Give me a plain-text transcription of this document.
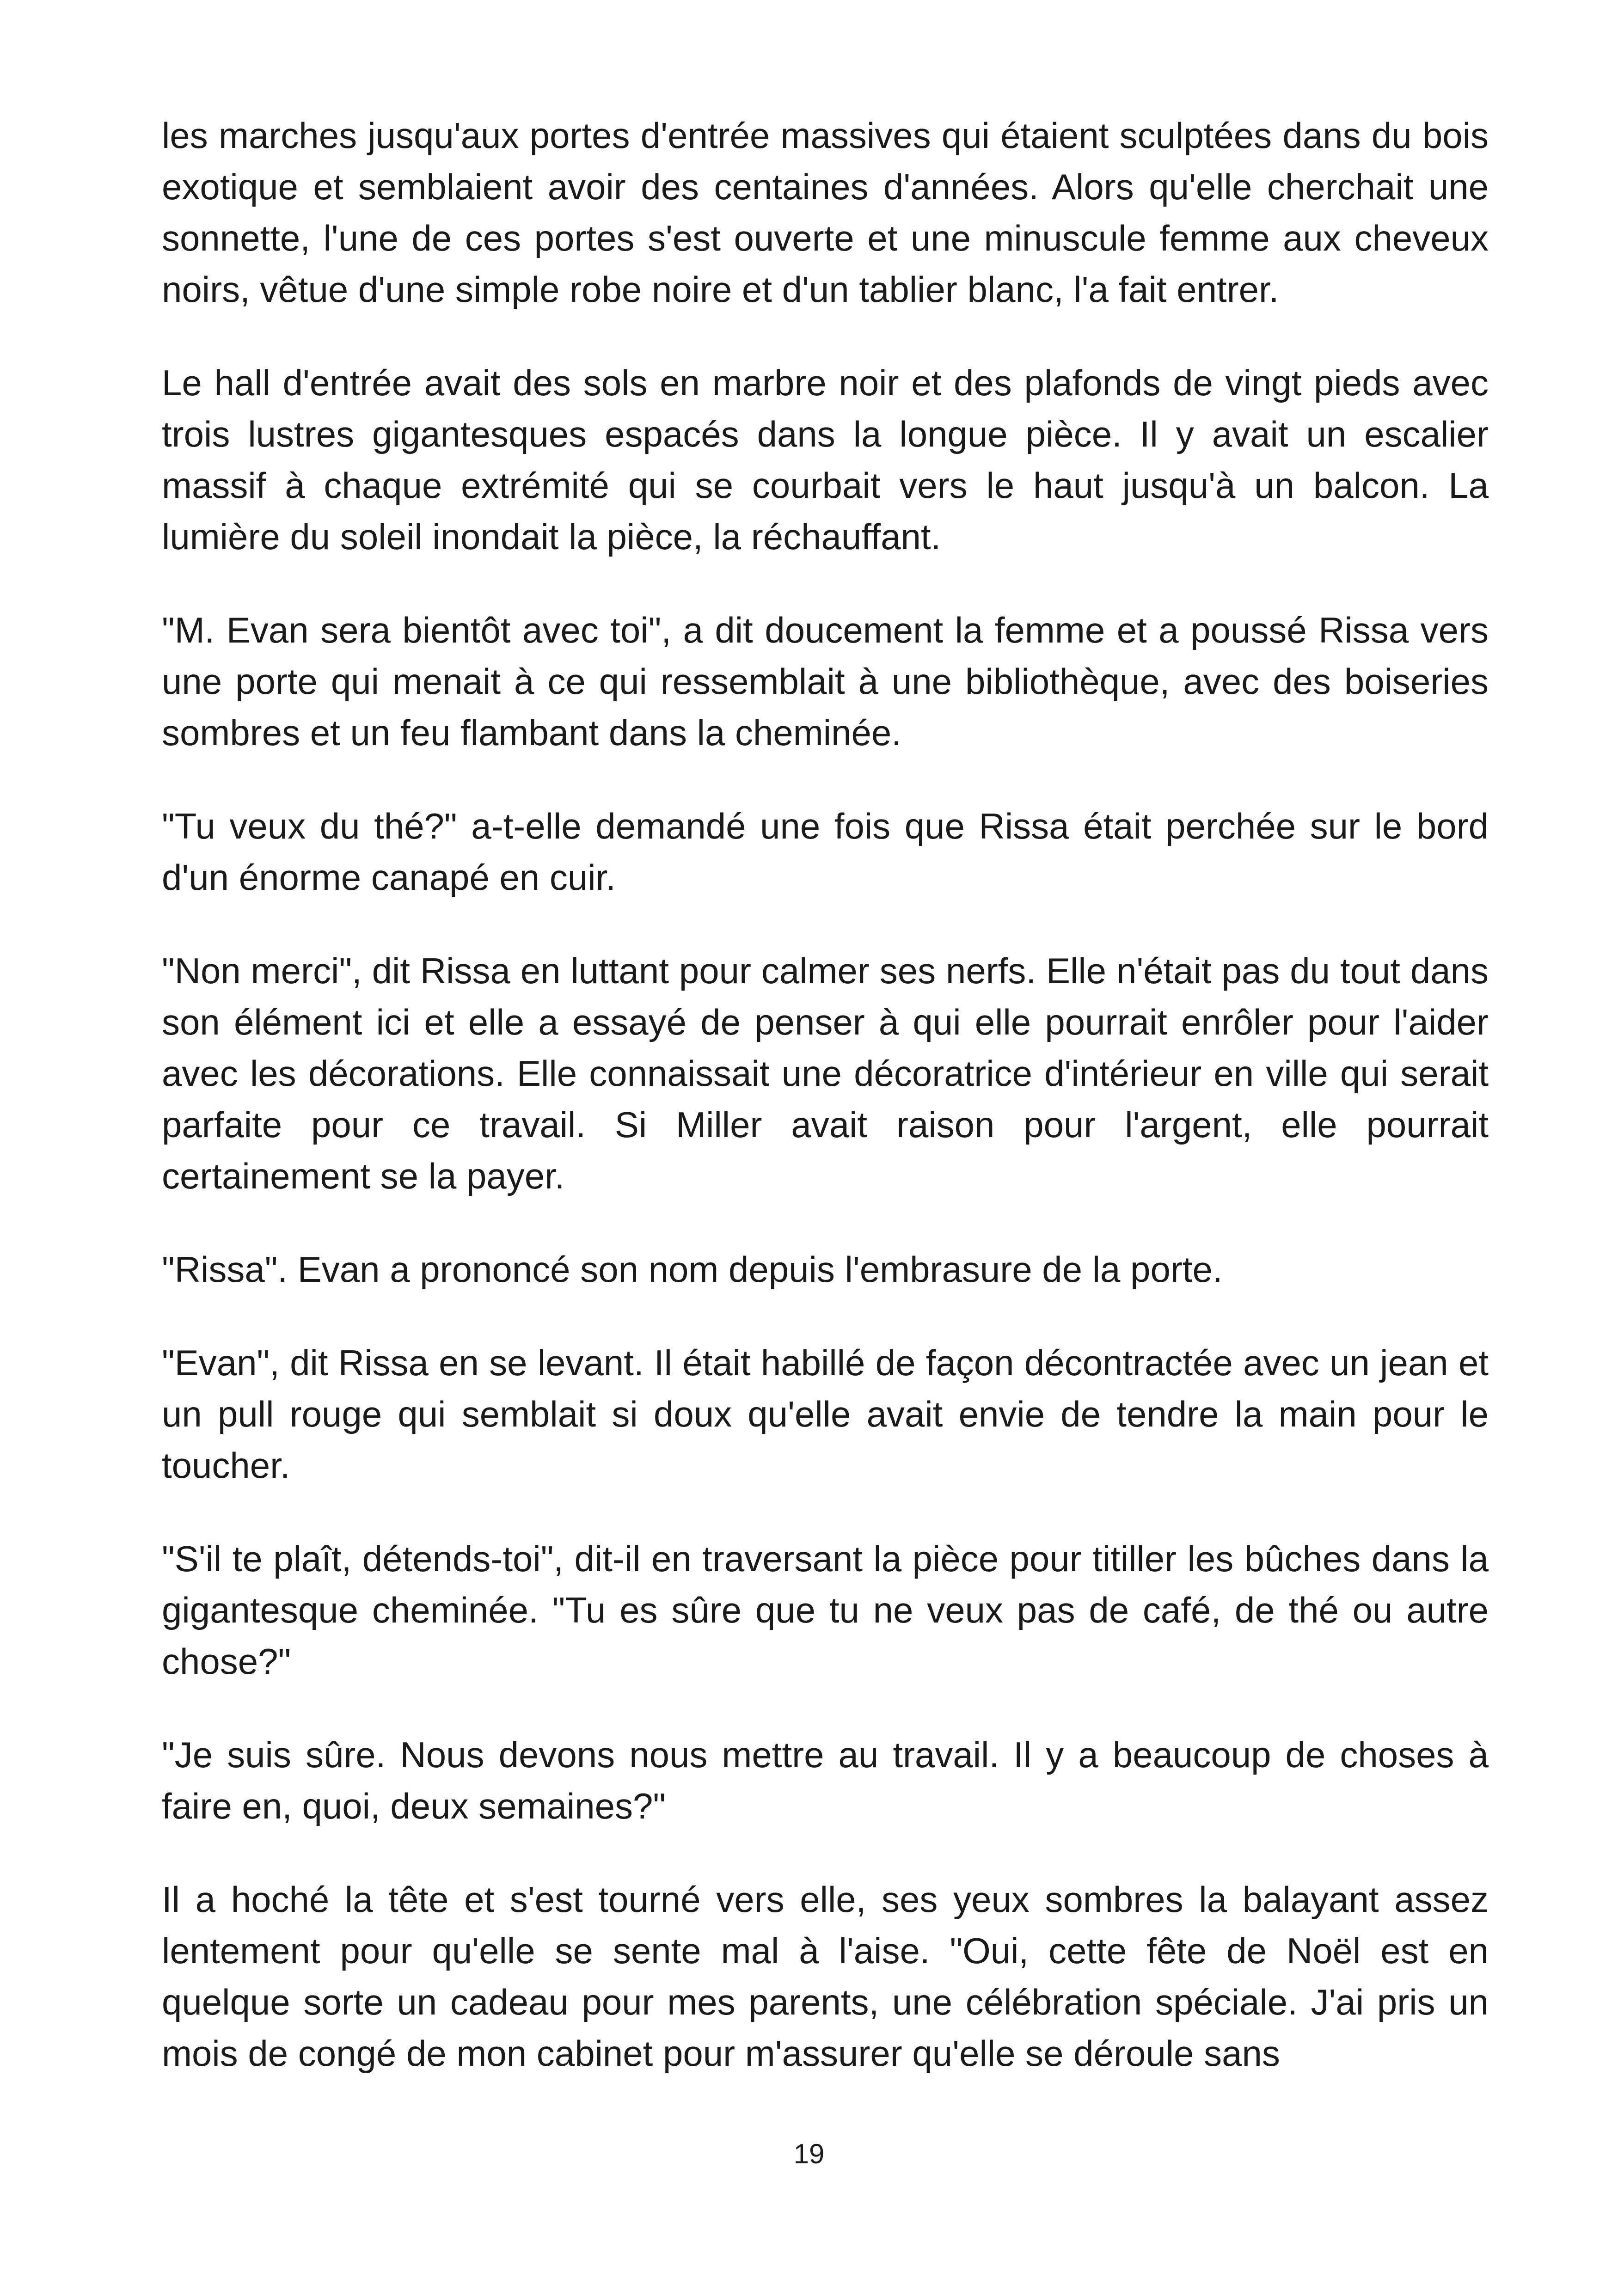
les marches jusqu'aux portes d'entrée massives qui étaient sculptées dans du bois exotique et semblaient avoir des centaines d'années. Alors qu'elle cherchait une sonnette, l'une de ces portes s'est ouverte et une minuscule femme aux cheveux noirs, vêtue d'une simple robe noire et d'un tablier blanc, l'a fait entrer.

Le hall d'entrée avait des sols en marbre noir et des plafonds de vingt pieds avec trois lustres gigantesques espacés dans la longue pièce. Il y avait un escalier massif à chaque extrémité qui se courbait vers le haut jusqu'à un balcon. La lumière du soleil inondait la pièce, la réchauffant.

"M. Evan sera bientôt avec toi", a dit doucement la femme et a poussé Rissa vers une porte qui menait à ce qui ressemblait à une bibliothèque, avec des boiseries sombres et un feu flambant dans la cheminée.

"Tu veux du thé?" a-t-elle demandé une fois que Rissa était perchée sur le bord d'un énorme canapé en cuir.

"Non merci", dit Rissa en luttant pour calmer ses nerfs. Elle n'était pas du tout dans son élément ici et elle a essayé de penser à qui elle pourrait enrôler pour l'aider avec les décorations. Elle connaissait une décoratrice d'intérieur en ville qui serait parfaite pour ce travail. Si Miller avait raison pour l'argent, elle pourrait certainement se la payer.

"Rissa". Evan a prononcé son nom depuis l'embrasure de la porte.

"Evan", dit Rissa en se levant. Il était habillé de façon décontractée avec un jean et un pull rouge qui semblait si doux qu'elle avait envie de tendre la main pour le toucher.

"S'il te plaît, détends-toi", dit-il en traversant la pièce pour titiller les bûches dans la gigantesque cheminée. "Tu es sûre que tu ne veux pas de café, de thé ou autre chose?"

"Je suis sûre. Nous devons nous mettre au travail. Il y a beaucoup de choses à faire en, quoi, deux semaines?"

Il a hoché la tête et s'est tourné vers elle, ses yeux sombres la balayant assez lentement pour qu'elle se sente mal à l'aise. "Oui, cette fête de Noël est en quelque sorte un cadeau pour mes parents, une célébration spéciale. J'ai pris un mois de congé de mon cabinet pour m'assurer qu'elle se déroule sans

19
